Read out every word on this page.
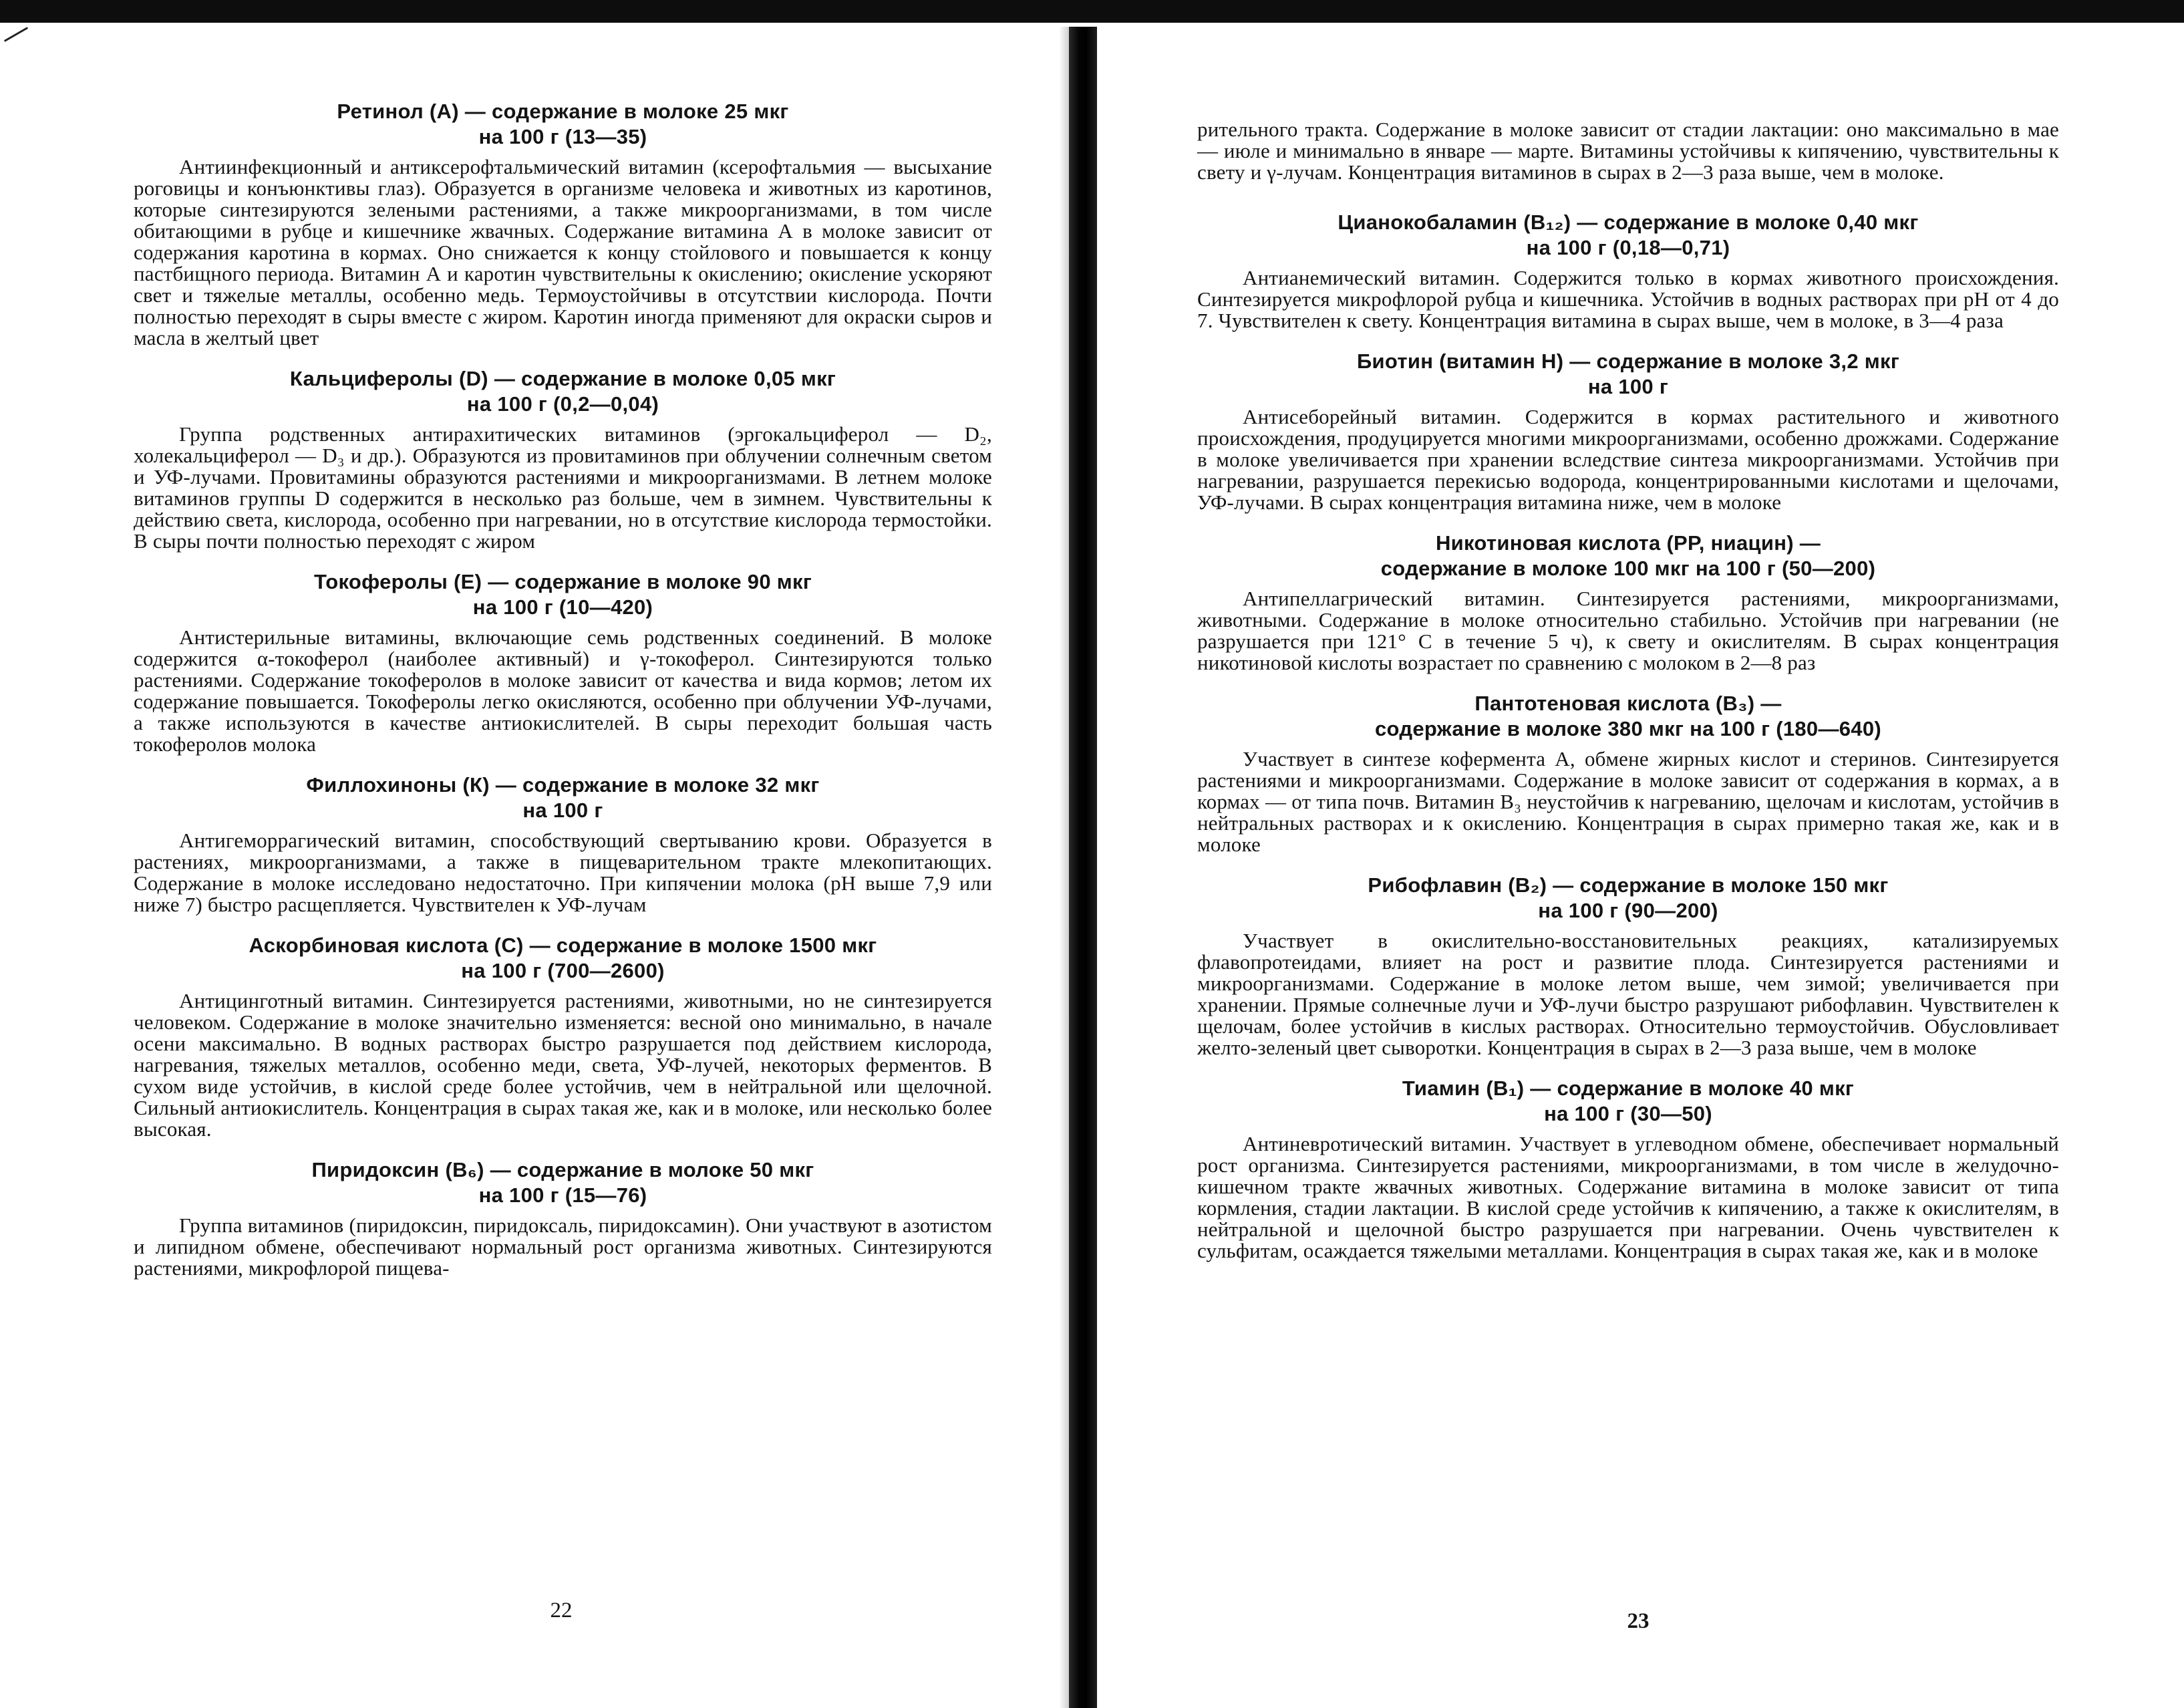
Ретинол (А) — содержание в молоке 25 мкг
на 100 г (13—35)

Антиинфекционный и антиксерофтальмический витамин (ксерофтальмия — высыхание роговицы и конъюнктивы глаз). Образуется в организме человека и животных из каротинов, которые синтезируются зелеными растениями, а также микроорганизмами, в том числе обитающими в рубце и кишечнике жвачных. Содержание витамина А в молоке зависит от содержания каротина в кормах. Оно снижается к концу стойлового и повышается к концу пастбищного периода. Витамин А и каротин чувствительны к окислению; окисление ускоряют свет и тяжелые металлы, особенно медь. Термоустойчивы в отсутствии кислорода. Почти полностью переходят в сыры вместе с жиром. Каротин иногда применяют для окраски сыров и масла в желтый цвет

Кальциферолы (D) — содержание в молоке 0,05 мкг
на 100 г (0,2—0,04)

Группа родственных антирахитических витаминов (эргокальциферол — D₂, холекальциферол — D₃ и др.). Образуются из провитаминов при облучении солнечным светом и УФ-лучами. Провитамины образуются растениями и микроорганизмами. В летнем молоке витаминов группы D содержится в несколько раз больше, чем в зимнем. Чувствительны к действию света, кислорода, особенно при нагревании, но в отсутствие кислорода термостойки. В сыры почти полностью переходят с жиром

Токоферолы (Е) — содержание в молоке 90 мкг
на 100 г (10—420)

Антистерильные витамины, включающие семь родственных соединений. В молоке содержится α-токоферол (наиболее активный) и γ-токоферол. Синтезируются только растениями. Содержание токоферолов в молоке зависит от качества и вида кормов; летом их содержание повышается. Токоферолы легко окисляются, особенно при облучении УФ-лучами, а также используются в качестве антиокислителей. В сыры переходит большая часть токоферолов молока

Филлохиноны (К) — содержание в молоке 32 мкг
на 100 г

Антигеморрагический витамин, способствующий свертыванию крови. Образуется в растениях, микроорганизмами, а также в пищеварительном тракте млекопитающих. Содержание в молоке исследовано недостаточно. При кипячении молока (рН выше 7,9 или ниже 7) быстро расщепляется. Чувствителен к УФ-лучам

Аскорбиновая кислота (С) — содержание в молоке 1500 мкг
на 100 г (700—2600)

Антицинготный витамин. Синтезируется растениями, животными, но не синтезируется человеком. Содержание в молоке значительно изменяется: весной оно минимально, в начале осени максимально. В водных растворах быстро разрушается под действием кислорода, нагревания, тяжелых металлов, особенно меди, света, УФ-лучей, некоторых ферментов. В сухом виде устойчив, в кислой среде более устойчив, чем в нейтральной или щелочной. Сильный антиокислитель. Концентрация в сырах такая же, как и в молоке, или несколько более высокая.

Пиридоксин (В₆) — содержание в молоке 50 мкг
на 100 г (15—76)

Группа витаминов (пиридоксин, пиридоксаль, пиридоксамин). Они участвуют в азотистом и липидном обмене, обеспечивают нормальный рост организма животных. Синтезируются растениями, микрофлорой пищева-

22

рительного тракта. Содержание в молоке зависит от стадии лактации: оно максимально в мае — июле и минимально в январе — марте. Витамины устойчивы к кипячению, чувствительны к свету и γ-лучам. Концентрация витаминов в сырах в 2—3 раза выше, чем в молоке.

Цианокобаламин (В₁₂) — содержание в молоке 0,40 мкг
на 100 г (0,18—0,71)

Антианемический витамин. Содержится только в кормах животного происхождения. Синтезируется микрофлорой рубца и кишечника. Устойчив в водных растворах при рН от 4 до 7. Чувствителен к свету. Концентрация витамина в сырах выше, чем в молоке, в 3—4 раза

Биотин (витамин Н) — содержание в молоке 3,2 мкг
на 100 г

Антисеборейный витамин. Содержится в кормах растительного и животного происхождения, продуцируется многими микроорганизмами, особенно дрожжами. Содержание в молоке увеличивается при хранении вследствие синтеза микроорганизмами. Устойчив при нагревании, разрушается перекисью водорода, концентрированными кислотами и щелочами, УФ-лучами. В сырах концентрация витамина ниже, чем в молоке

Никотиновая кислота (РР, ниацин) —
содержание в молоке 100 мкг на 100 г (50—200)

Антипеллагрический витамин. Синтезируется растениями, микроорганизмами, животными. Содержание в молоке относительно стабильно. Устойчив при нагревании (не разрушается при 121° С в течение 5 ч), к свету и окислителям. В сырах концентрация никотиновой кислоты возрастает по сравнению с молоком в 2—8 раз

Пантотеновая кислота (В₃) —
содержание в молоке 380 мкг на 100 г (180—640)

Участвует в синтезе кофермента А, обмене жирных кислот и стеринов. Синтезируется растениями и микроорганизмами. Содержание в молоке зависит от содержания в кормах, а в кормах — от типа почв. Витамин В₃ неустойчив к нагреванию, щелочам и кислотам, устойчив в нейтральных растворах и к окислению. Концентрация в сырах примерно такая же, как и в молоке

Рибофлавин (В₂) — содержание в молоке 150 мкг
на 100 г (90—200)

Участвует в окислительно-восстановительных реакциях, катализируемых флавопротеидами, влияет на рост и развитие плода. Синтезируется растениями и микроорганизмами. Содержание в молоке летом выше, чем зимой; увеличивается при хранении. Прямые солнечные лучи и УФ-лучи быстро разрушают рибофлавин. Чувствителен к щелочам, более устойчив в кислых растворах. Относительно термоустойчив. Обусловливает желто-зеленый цвет сыворотки. Концентрация в сырах в 2—3 раза выше, чем в молоке

Тиамин (В₁) — содержание в молоке 40 мкг
на 100 г (30—50)

Антиневротический витамин. Участвует в углеводном обмене, обеспечивает нормальный рост организма. Синтезируется растениями, микроорганизмами, в том числе в желудочно-кишечном тракте жвачных животных. Содержание витамина в молоке зависит от типа кормления, стадии лактации. В кислой среде устойчив к кипячению, а также к окислителям, в нейтральной и щелочной быстро разрушается при нагревании. Очень чувствителен к сульфитам, осаждается тяжелыми металлами. Концентрация в сырах такая же, как и в молоке

23
